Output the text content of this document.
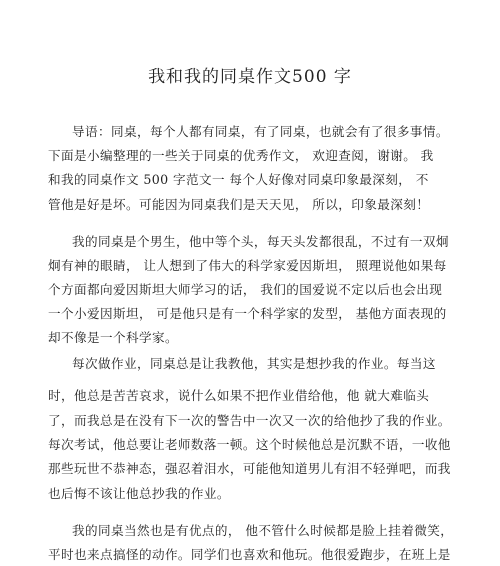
我和我的同桌作文500 字
导语：同桌，每个人都有同桌，有了同桌，也就会有了很多事情。
下面是小编整理的一些关于同桌的优秀作文， 欢迎查阅，谢谢。 我
和我的同桌作文 500 字范文一 每个人好像对同桌印象最深刻， 不
管他是好是坏。可能因为同桌我们是天天见， 所以，印象最深刻！
我的同桌是个男生，他中等个头，每天头发都很乱，不过有一双炯
炯有神的眼睛， 让人想到了伟大的科学家爱因斯坦， 照理说他如果每
个方面都向爱因斯坦大师学习的话， 我们的国爱说不定以后也会出现
一个小爱因斯坦， 可是他只是有一个科学家的发型， 基他方面表现的
却不像是一个科学家。
每次做作业，同桌总是让我教他，其实是想抄我的作业。每当这
时，他总是苦苦哀求，说什么如果不把作业借给他，他 就大难临头
了，而我总是在没有下一次的警告中一次又一次的给他抄了我的作业。
每次考试，他总要让老师数落一顿。这个时候他总是沉默不语，一收他
那些玩世不恭神态，强忍着泪水，可能他知道男儿有泪不轻弹吧，而我
也后悔不该让他总抄我的作业。
我的同桌当然也是有优点的， 他不管什么时候都是脸上挂着微笑，
平时也来点搞怪的动作。同学们也喜欢和他玩。他很爱跑步，在班上是
